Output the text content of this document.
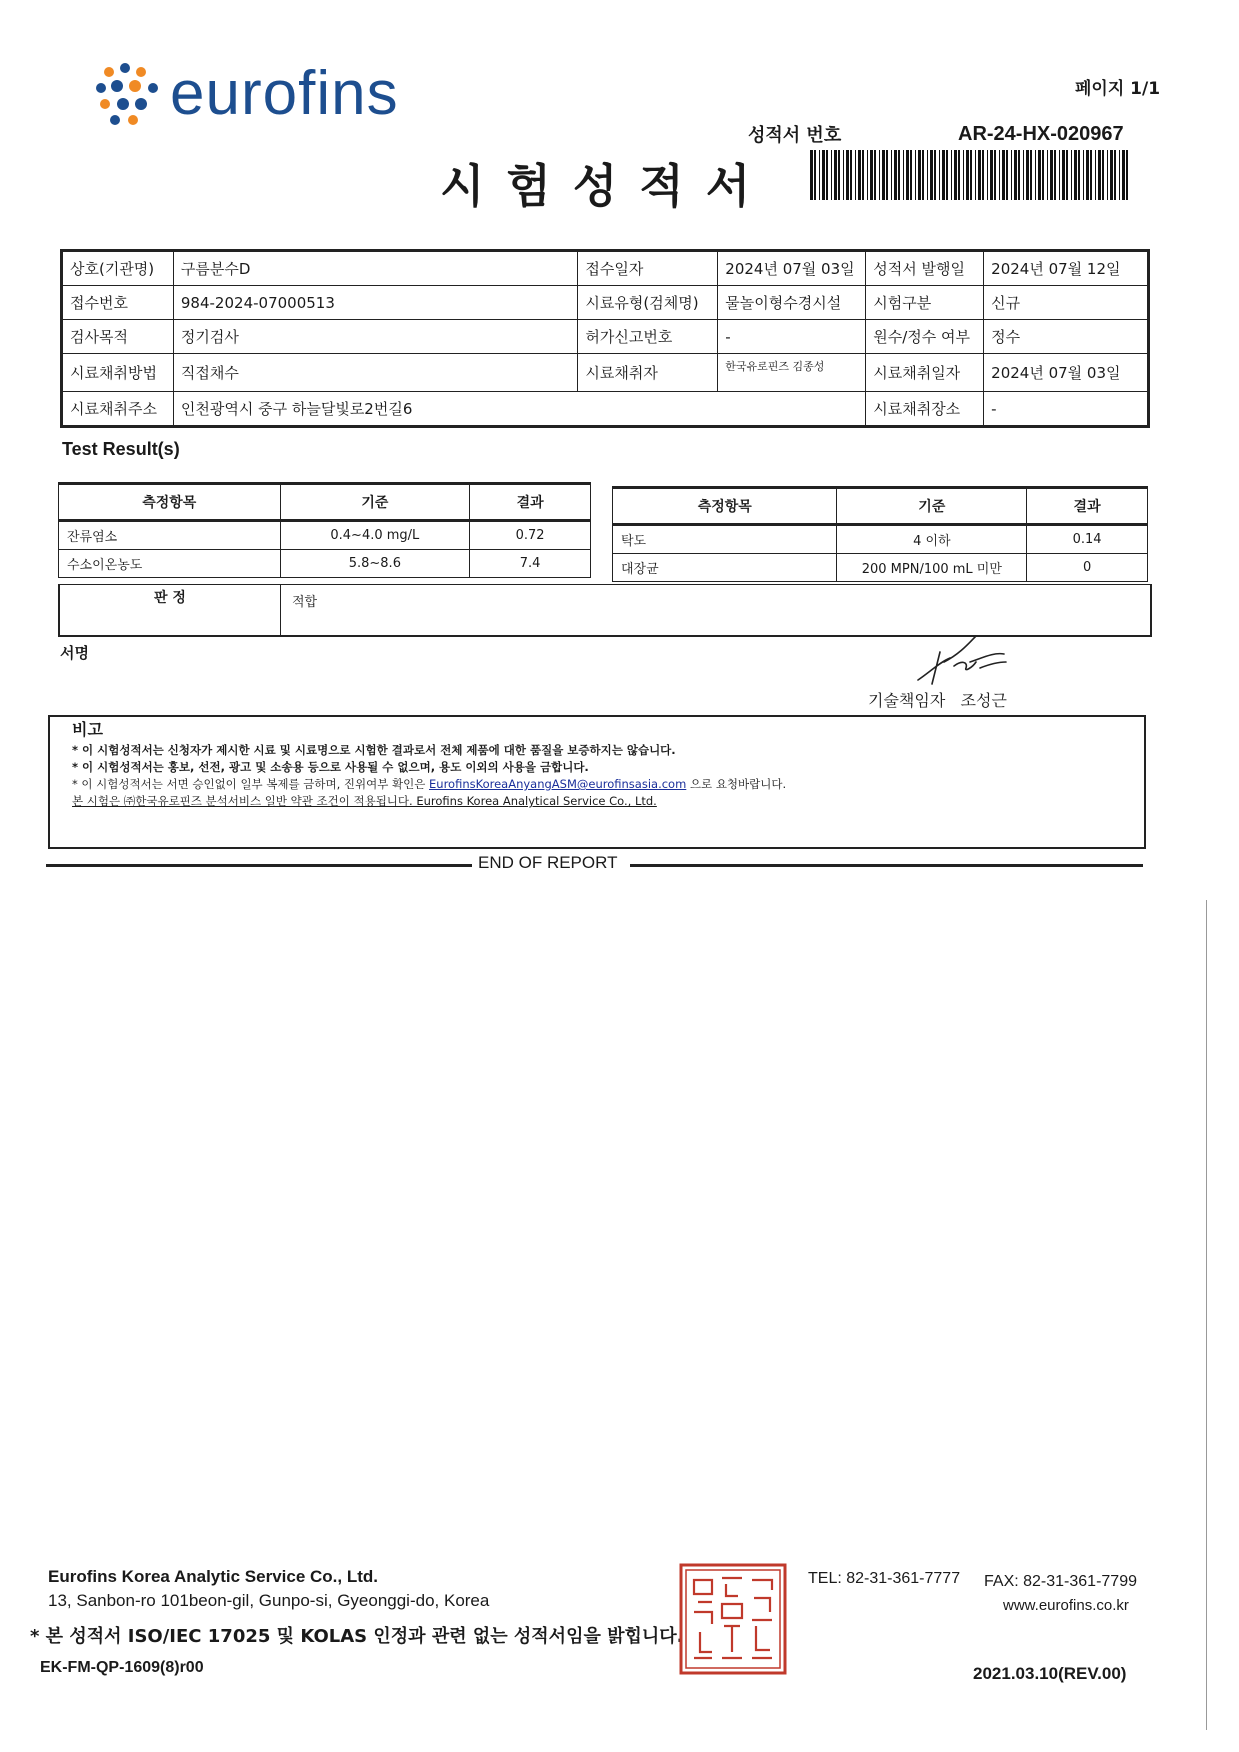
eurofins	페이지 1/1
성적서 번호	AR-24-HX-020967
시험성적서
상호(기관명)	구름분수D	접수일자	2024년 07월 03일	성적서 발행일	2024년 07월 12일
접수번호	984-2024-07000513	시료유형(검체명)	물놀이형수경시설	시험구분	신규
검사목적	정기검사	허가신고번호	-	원수/정수 여부	정수
시료채취방법	직접채수	시료채취자	한국유로핀즈 김종성	시료채취일자	2024년 07월 03일
시료채취주소	인천광역시 중구 하늘달빛로2번길6			시료채취장소	-
Test Result(s)
측정항목	기준	결과
잔류염소	0.4~4.0 mg/L	0.72
수소이온농도	5.8~8.6	7.4
측정항목	기준	결과
탁도	4 이하	0.14
대장균	200 MPN/100 mL 미만	0
판 정	적합
서명
기술책임자 조성근
비고
* 이 시험성적서는 신청자가 제시한 시료 및 시료명으로 시험한 결과로서 전체 제품에 대한 품질을 보증하지는 않습니다.
* 이 시험성적서는 홍보, 선전, 광고 및 소송용 등으로 사용될 수 없으며, 용도 이외의 사용을 금합니다.
* 이 시험성적서는 서면 승인없이 일부 복제를 금하며, 진위여부 확인은 EurofinsKoreaAnyangASM@eurofinsasia.com 으로 요청바랍니다.
본 시험은 ㈜한국유로핀즈 분석서비스 일반 약관 조건이 적용됩니다. Eurofins Korea Analytical Service Co., Ltd.
END OF REPORT
Eurofins Korea Analytic Service Co., Ltd.
13, Sanbon-ro 101beon-gil, Gunpo-si, Gyeonggi-do, Korea
* 본 성적서 ISO/IEC 17025 및 KOLAS 인정과 관련 없는 성적서임을 밝힙니다.
EK-FM-QP-1609(8)r00
TEL: 82-31-361-7777 FAX: 82-31-361-7799
www.eurofins.co.kr
2021.03.10(REV.00)
